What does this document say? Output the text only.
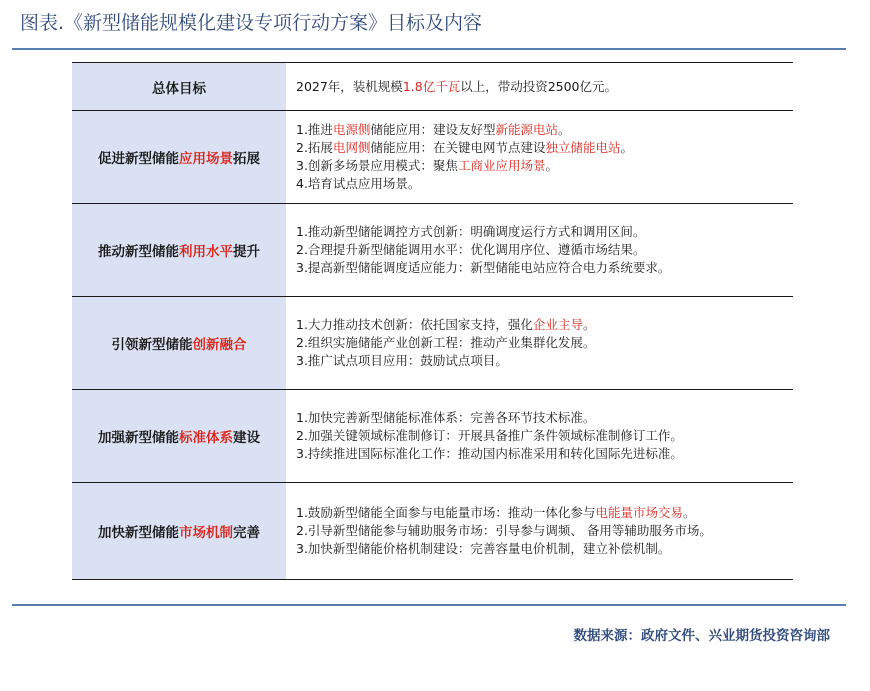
图表.《新型储能规模化建设专项行动方案》目标及内容
总体目标	2027年，装机规模1.8亿千瓦以上，带动投资2500亿元。

促进新型储能应用场景拓展	1.推进电源侧储能应用：建设友好型新能源电站。
2.拓展电网侧储能应用：在关键电网节点建设独立储能电站。
3.创新多场景应用模式：聚焦工商业应用场景。
4.培育试点应用场景。

推动新型储能利用水平提升	1.推动新型储能调控方式创新：明确调度运行方式和调用区间。
2.合理提升新型储能调用水平：优化调用序位、遵循市场结果。
3.提高新型储能调度适应能力：新型储能电站应符合电力系统要求。

引领新型储能创新融合	1.大力推动技术创新：依托国家支持，强化企业主导。
2.组织实施储能产业创新工程：推动产业集群化发展。
3.推广试点项目应用：鼓励试点项目。

加强新型储能标准体系建设	1.加快完善新型储能标准体系：完善各环节技术标准。
2.加强关键领域标准制修订：开展具备推广条件领域标准制修订工作。
3.持续推进国际标准化工作：推动国内标准采用和转化国际先进标准。

加快新型储能市场机制完善	1.鼓励新型储能全面参与电能量市场：推动一体化参与电能量市场交易。
2.引导新型储能参与辅助服务市场：引导参与调频、 备用等辅助服务市场。
3.加快新型储能价格机制建设：完善容量电价机制，建立补偿机制。
数据来源：政府文件、兴业期货投资咨询部
